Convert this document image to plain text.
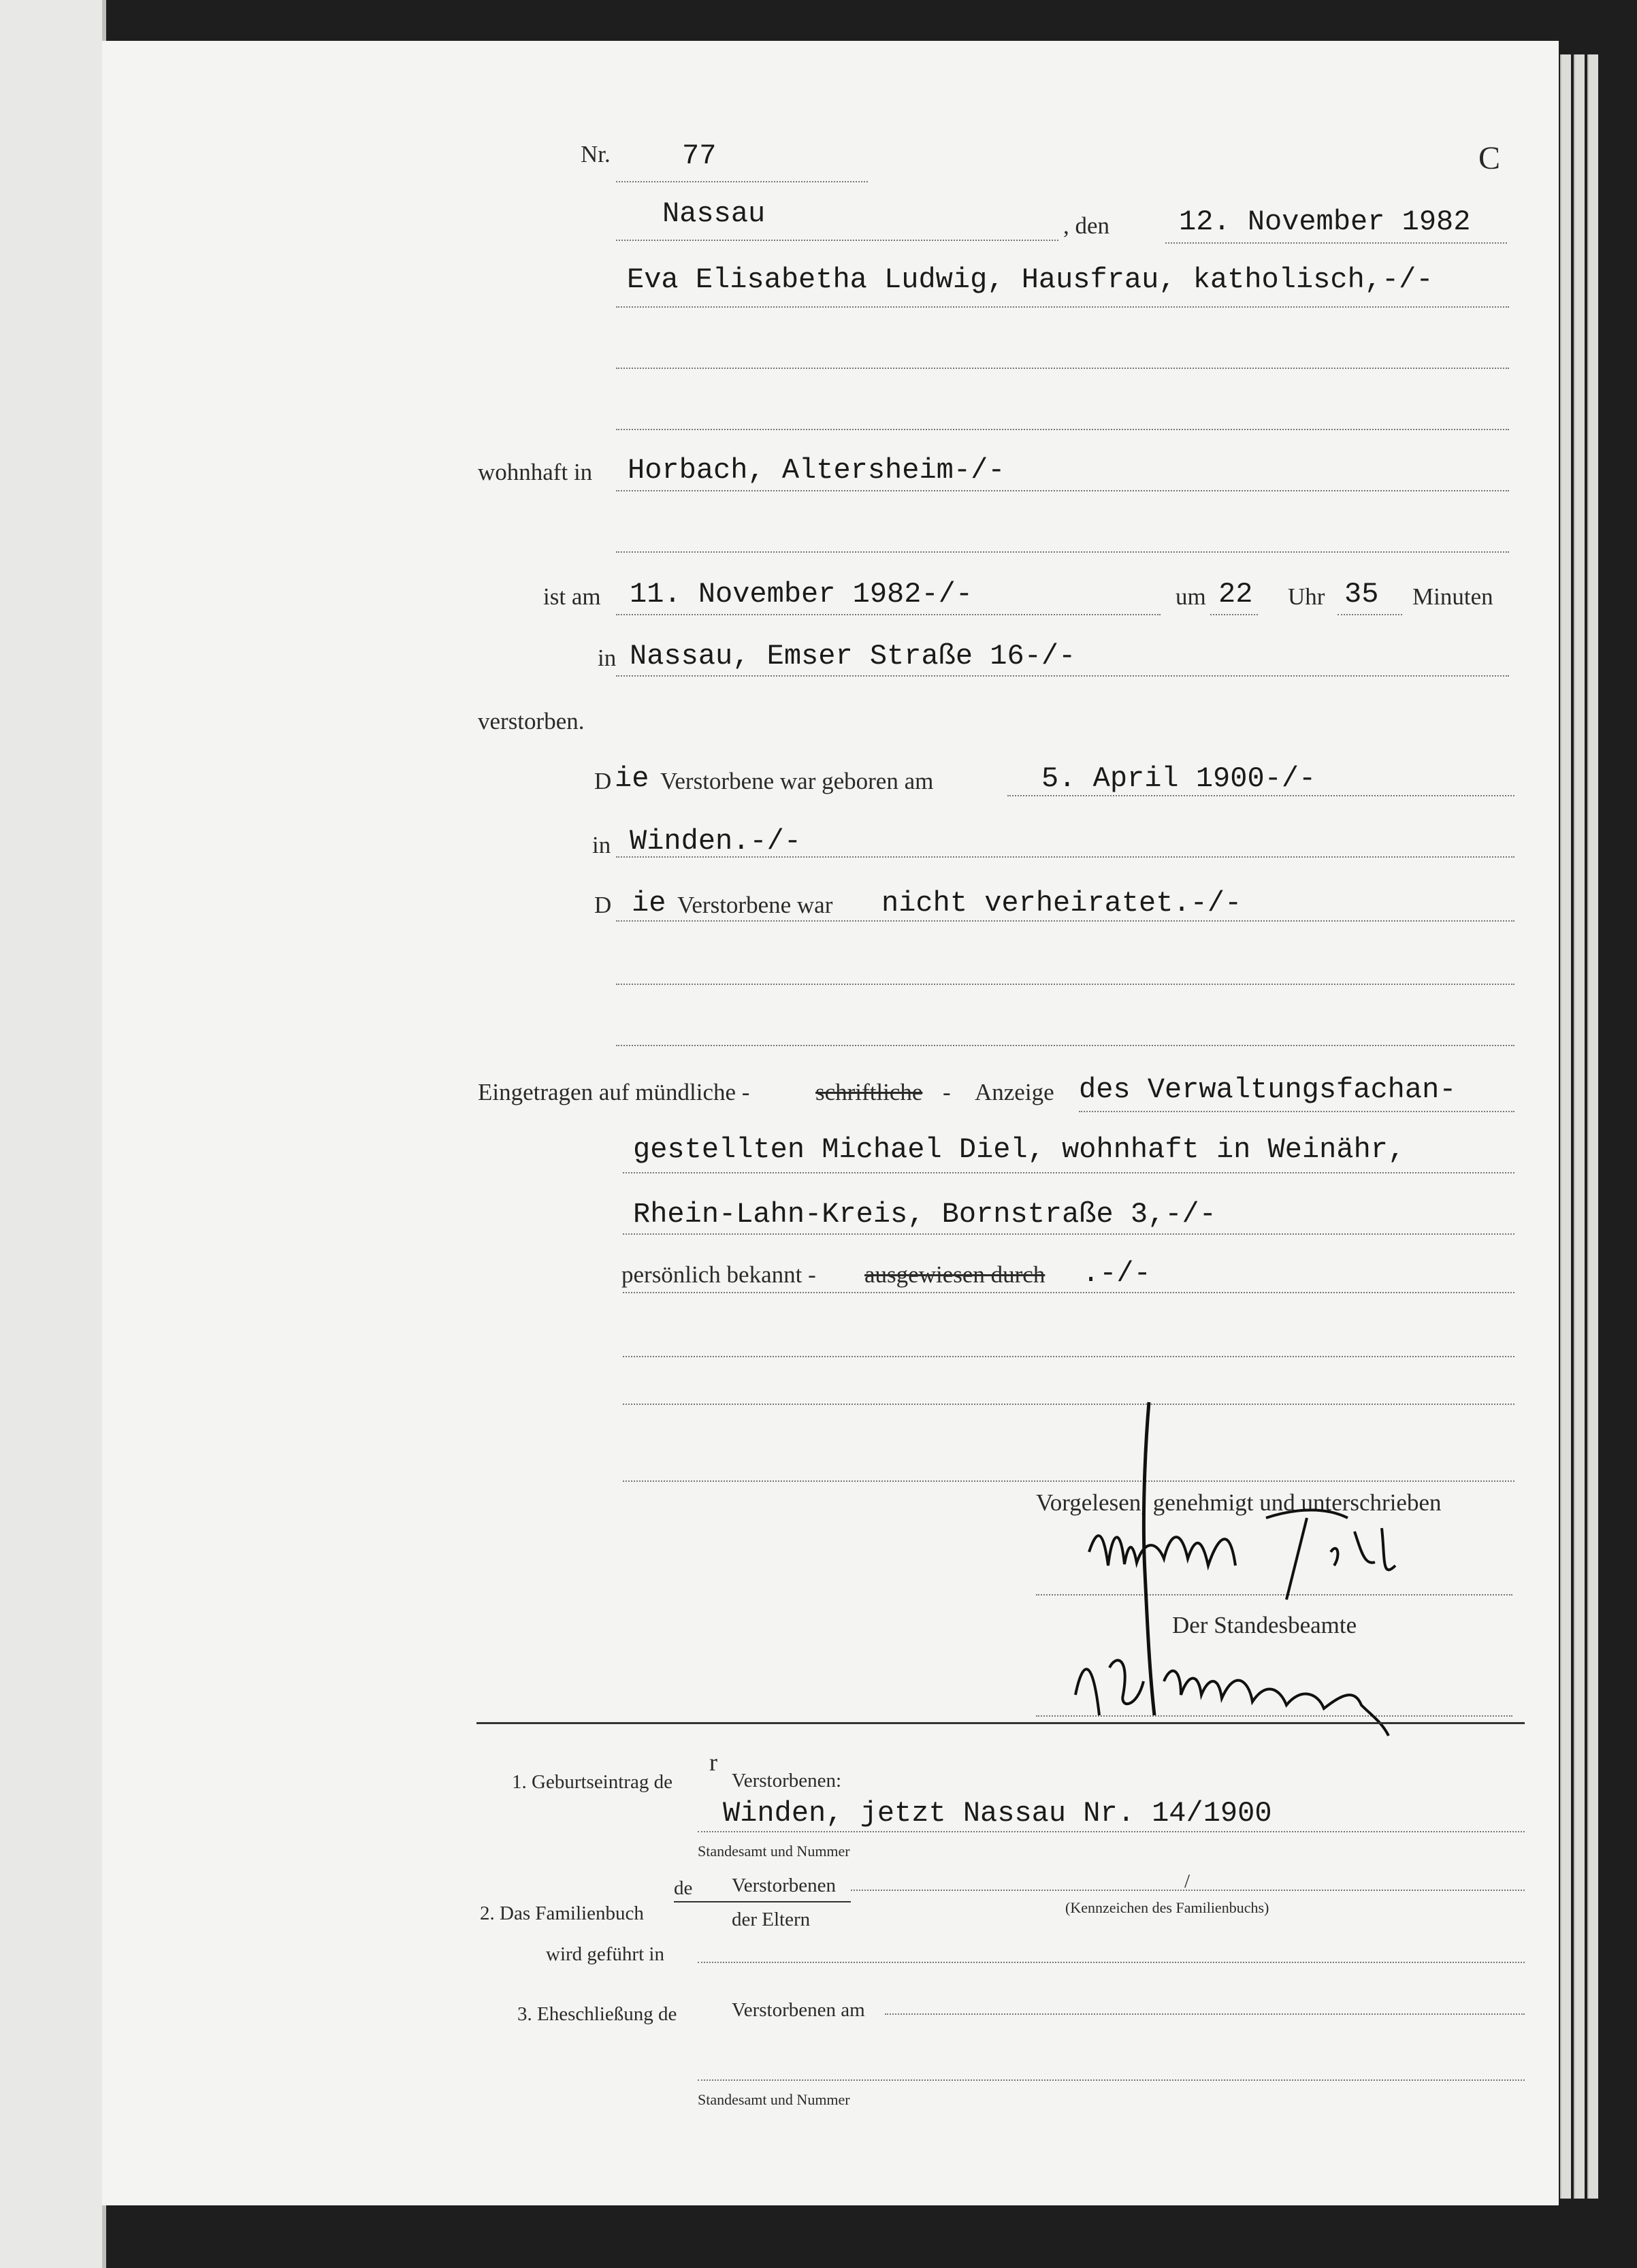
Nr.	77	C
Nassau	, den 12. November 1982
Eva Elisabetha Ludwig, Hausfrau, katholisch,-/-
wohnhaft in Horbach, Altersheim-/-
ist am 11. November 1982-/-	um 22 Uhr 35 Minuten
in Nassau, Emser Straße 16-/-
verstorben.
D ie Verstorbene war geboren am	5. April 1900-/-
in Winden.-/-
D ie Verstorbene war nicht verheiratet.-/-
Eingetragen auf mündliche -	schriftliche - Anzeige des Verwaltungsfachan-
gestellten Michael Diel, wohnhaft in Weinähr,
Rhein-Lahn-Kreis, Bornstraße 3,-/-
persönlich bekannt - ausgewiesen durch .-/-
Vorgelesen, genehmigt und unterschrieben
Der Standesbeamte
1. Geburtseintrag de
r
Verstorbenen:
Winden, jetzt Nassau Nr. 14/1900
Standesamt und Nummer
2. Das Familienbuch
de Verstorbenen
der Eltern
/
(Kennzeichen des Familienbuchs)
wird geführt in
3. Eheschließung de	Verstorbenen am
Standesamt und Nummer
